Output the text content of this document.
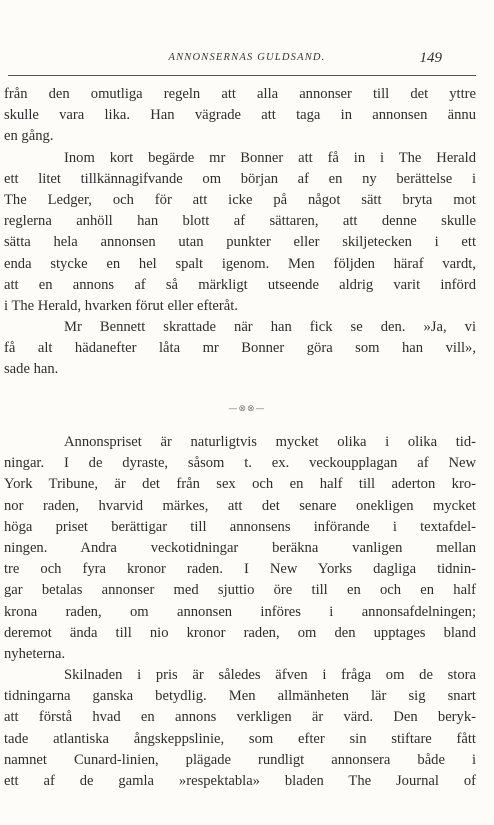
ANNONSERNAS GULDSAND.	149
från den omutliga regeln att alla annonser till det yttre
skulle vara lika. Han vägrade att taga in annonsen ännu
en gång.
Inom kort begärde mr Bonner att få in i The Herald
ett litet tillkännagifvande om början af en ny berättelse i
The Ledger, och för att icke på något sätt bryta mot
reglerna anhöll han blott af sättaren, att denne skulle
sätta hela annonsen utan punkter eller skiljetecken i ett
enda stycke en hel spalt igenom. Men följden häraf vardt,
att en annons af så märkligt utseende aldrig varit införd
i The Herald, hvarken förut eller efteråt.
Mr Bennett skrattade när han fick se den. »Ja, vi
få alt hädanefter låta mr Bonner göra som han vill»,
sade han.
—⊗⊗—
Annonspriset är naturligtvis mycket olika i olika tid-
ningar. I de dyraste, såsom t. ex. veckoupplagan af New
York Tribune, är det från sex och en half till aderton kro-
nor raden, hvarvid märkes, att det senare onekligen mycket
höga priset berättigar till annonsens införande i textafdel-
ningen. Andra veckotidningar beräkna vanligen mellan
tre och fyra kronor raden. I New Yorks dagliga tidnin-
gar betalas annonser med sjuttio öre till en och en half
krona raden, om annonsen införes i annonsafdelningen;
deremot ända till nio kronor raden, om den upptages bland
nyheterna.
Skilnaden i pris är således äfven i fråga om de stora
tidningarna ganska betydlig. Men allmänheten lär sig snart
att förstå hvad en annons verkligen är värd. Den beryk-
tade atlantiska ångskeppslinie, som efter sin stiftare fått
namnet Cunard-linien, plägade rundligt annonsera både i
ett af de gamla »respektabla» bladen The Journal of
